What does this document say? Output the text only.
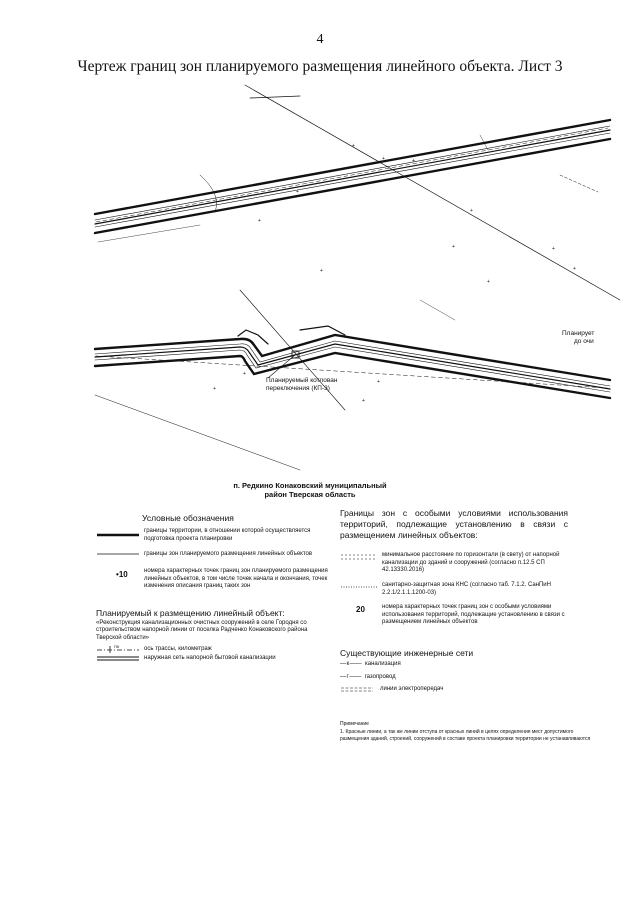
4
Чертеж границ зон планируемого размещения линейного объекта. Лист 3
+
+	+
+
+
+
+
+
+
+
+
+
+
+
+
Планируемый котлован
переключения (КП-3)
Планирует
до очи
п. Редкино Конаковский муниципальный
район Тверская область
Условные обозначения
границы территории, в отношении которой осуществляется подготовка проекта планировки
границы зон планируемого размещения линейных объектов
•10	номера характерных точек границ зон планируемого размещения линейных объектов, в том числе точек начала и окончания, точек изменения описания границ таких зон
Планируемый к размещению линейный объект: «Реконструкция канализационных очистных сооружений в селе Городня со строительством напорной линии от поселка Радченко Конаковского района Тверской области»
ПК	ось трассы, километраж
наружная сеть напорной бытовой канализации
Границы зон с особыми условиями использования территорий, подлежащие установлению в связи с размещением линейных объектов:
минимальное расстояние по горизонтали (в свету) от напорной канализации до зданий и сооружений (согласно п.12.5 СП 42.13330.2016)
санитарно-защитная зона КНС (согласно таб. 7.1.2. СанПиН 2.2.1/2.1.1.1200-03)
20	номера характерных точек границ зон с особыми условиями использования территорий, подлежащие установлению в связи с размещением линейных объектов
Существующие инженерные сети
— к ——  канализация
— г ——  газопровод
линии электропередач
Примечание
1. Красные линии, а так же линии отступа от красных линий в целях определения мест допустимого размещения зданий, строений, сооружений в составе проекта планировки территории не устанавливаются
